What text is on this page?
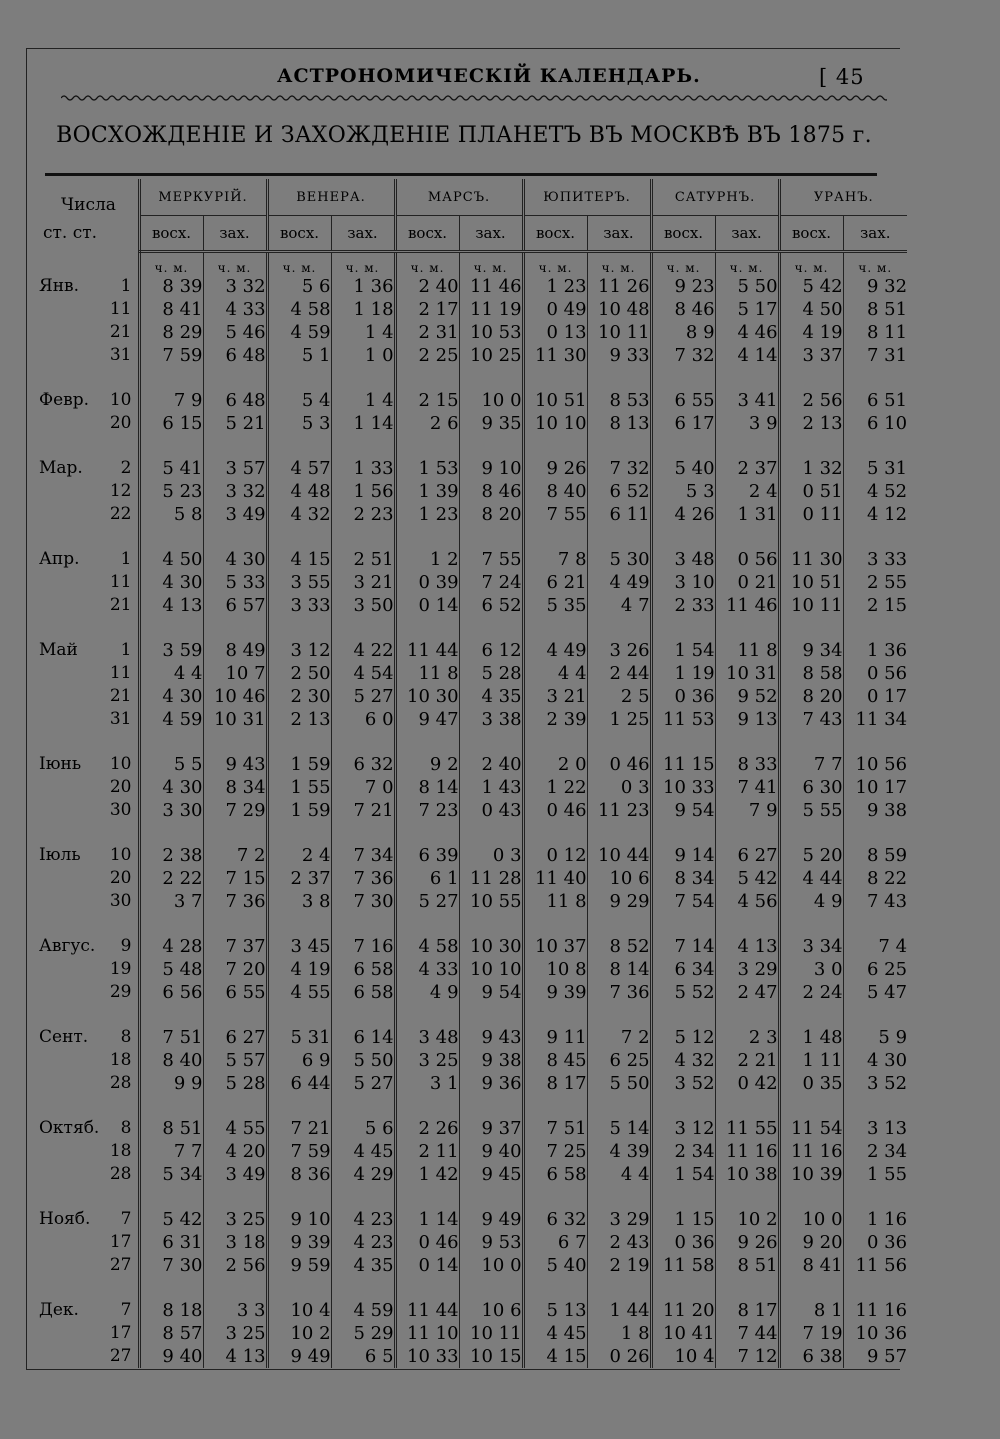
АСТРОНОМИЧЕСКІЙ КАЛЕНДАРЬ.	[ 45
ВОСХОЖДЕНІЕ И ЗАХОЖДЕНІЕ ПЛАНЕТЪ ВЪ МОСКВѢ ВЪ 1875 г.
Числа
ст. ст.	МЕРКУРІЙ.		ВЕНЕРА.		МАРСЪ.		ЮПИТЕРЪ.		САТУРНЪ.		УРАНЪ.	
	восх.	зах.	восх.	зах.	восх.	зах.	восх.	зах.	восх.	зах.	восх.	зах.
	ч. м.	ч. м.	ч. м.	ч. м.	ч. м.	ч. м.	ч. м.	ч. м.	ч. м.	ч. м.	ч. м.	ч. м.

Янв. 1	8 39	3 32	5 6	1 36	2 40	11 46	1 23	11 26	9 23	5 50	5 42	9 32

11	8 41	4 33	4 58	1 18	2 17	11 19	0 49	10 48	8 46	5 17	4 50	8 51

21	8 29	5 46	4 59	1 4	2 31	10 53	0 13	10 11	8 9	4 46	4 19	8 11

31	7 59	6 48	5 1	1 0	2 25	10 25	11 30	9 33	7 32	4 14	3 37	7 31

Февр. 10	7 9	6 48	5 4	1 4	2 15	10 0	10 51	8 53	6 55	3 41	2 56	6 51

20	6 15	5 21	5 3	1 14	2 6	9 35	10 10	8 13	6 17	3 9	2 13	6 10

Мар. 2	5 41	3 57	4 57	1 33	1 53	9 10	9 26	7 32	5 40	2 37	1 32	5 31

12	5 23	3 32	4 48	1 56	1 39	8 46	8 40	6 52	5 3	2 4	0 51	4 52

22	5 8	3 49	4 32	2 23	1 23	8 20	7 55	6 11	4 26	1 31	0 11	4 12

Апр. 1	4 50	4 30	4 15	2 51	1 2	7 55	7 8	5 30	3 48	0 56	11 30	3 33

11	4 30	5 33	3 55	3 21	0 39	7 24	6 21	4 49	3 10	0 21	10 51	2 55

21	4 13	6 57	3 33	3 50	0 14	6 52	5 35	4 7	2 33	11 46	10 11	2 15

Май 1	3 59	8 49	3 12	4 22	11 44	6 12	4 49	3 26	1 54	11 8	9 34	1 36

11	4 4	10 7	2 50	4 54	11 8	5 28	4 4	2 44	1 19	10 31	8 58	0 56

21	4 30	10 46	2 30	5 27	10 30	4 35	3 21	2 5	0 36	9 52	8 20	0 17

31	4 59	10 31	2 13	6 0	9 47	3 38	2 39	1 25	11 53	9 13	7 43	11 34

Іюнь 10	5 5	9 43	1 59	6 32	9 2	2 40	2 0	0 46	11 15	8 33	7 7	10 56

20	4 30	8 34	1 55	7 0	8 14	1 43	1 22	0 3	10 33	7 41	6 30	10 17

30	3 30	7 29	1 59	7 21	7 23	0 43	0 46	11 23	9 54	7 9	5 55	9 38

Іюль 10	2 38	7 2	2 4	7 34	6 39	0 3	0 12	10 44	9 14	6 27	5 20	8 59

20	2 22	7 15	2 37	7 36	6 1	11 28	11 40	10 6	8 34	5 42	4 44	8 22

30	3 7	7 36	3 8	7 30	5 27	10 55	11 8	9 29	7 54	4 56	4 9	7 43

Авгус. 9	4 28	7 37	3 45	7 16	4 58	10 30	10 37	8 52	7 14	4 13	3 34	7 4

19	5 48	7 20	4 19	6 58	4 33	10 10	10 8	8 14	6 34	3 29	3 0	6 25

29	6 56	6 55	4 55	6 58	4 9	9 54	9 39	7 36	5 52	2 47	2 24	5 47

Сент. 8	7 51	6 27	5 31	6 14	3 48	9 43	9 11	7 2	5 12	2 3	1 48	5 9

18	8 40	5 57	6 9	5 50	3 25	9 38	8 45	6 25	4 32	2 21	1 11	4 30

28	9 9	5 28	6 44	5 27	3 1	9 36	8 17	5 50	3 52	0 42	0 35	3 52

Октяб. 8	8 51	4 55	7 21	5 6	2 26	9 37	7 51	5 14	3 12	11 55	11 54	3 13

18	7 7	4 20	7 59	4 45	2 11	9 40	7 25	4 39	2 34	11 16	11 16	2 34

28	5 34	3 49	8 36	4 29	1 42	9 45	6 58	4 4	1 54	10 38	10 39	1 55

Нояб. 7	5 42	3 25	9 10	4 23	1 14	9 49	6 32	3 29	1 15	10 2	10 0	1 16

17	6 31	3 18	9 39	4 23	0 46	9 53	6 7	2 43	0 36	9 26	9 20	0 36

27	7 30	2 56	9 59	4 35	0 14	10 0	5 40	2 19	11 58	8 51	8 41	11 56

Дек. 7	8 18	3 3	10 4	4 59	11 44	10 6	5 13	1 44	11 20	8 17	8 1	11 16

17	8 57	3 25	10 2	5 29	11 10	10 11	4 45	1 8	10 41	7 44	7 19	10 36

27	9 40	4 13	9 49	6 5	10 33	10 15	4 15	0 26	10 4	7 12	6 38	9 57
